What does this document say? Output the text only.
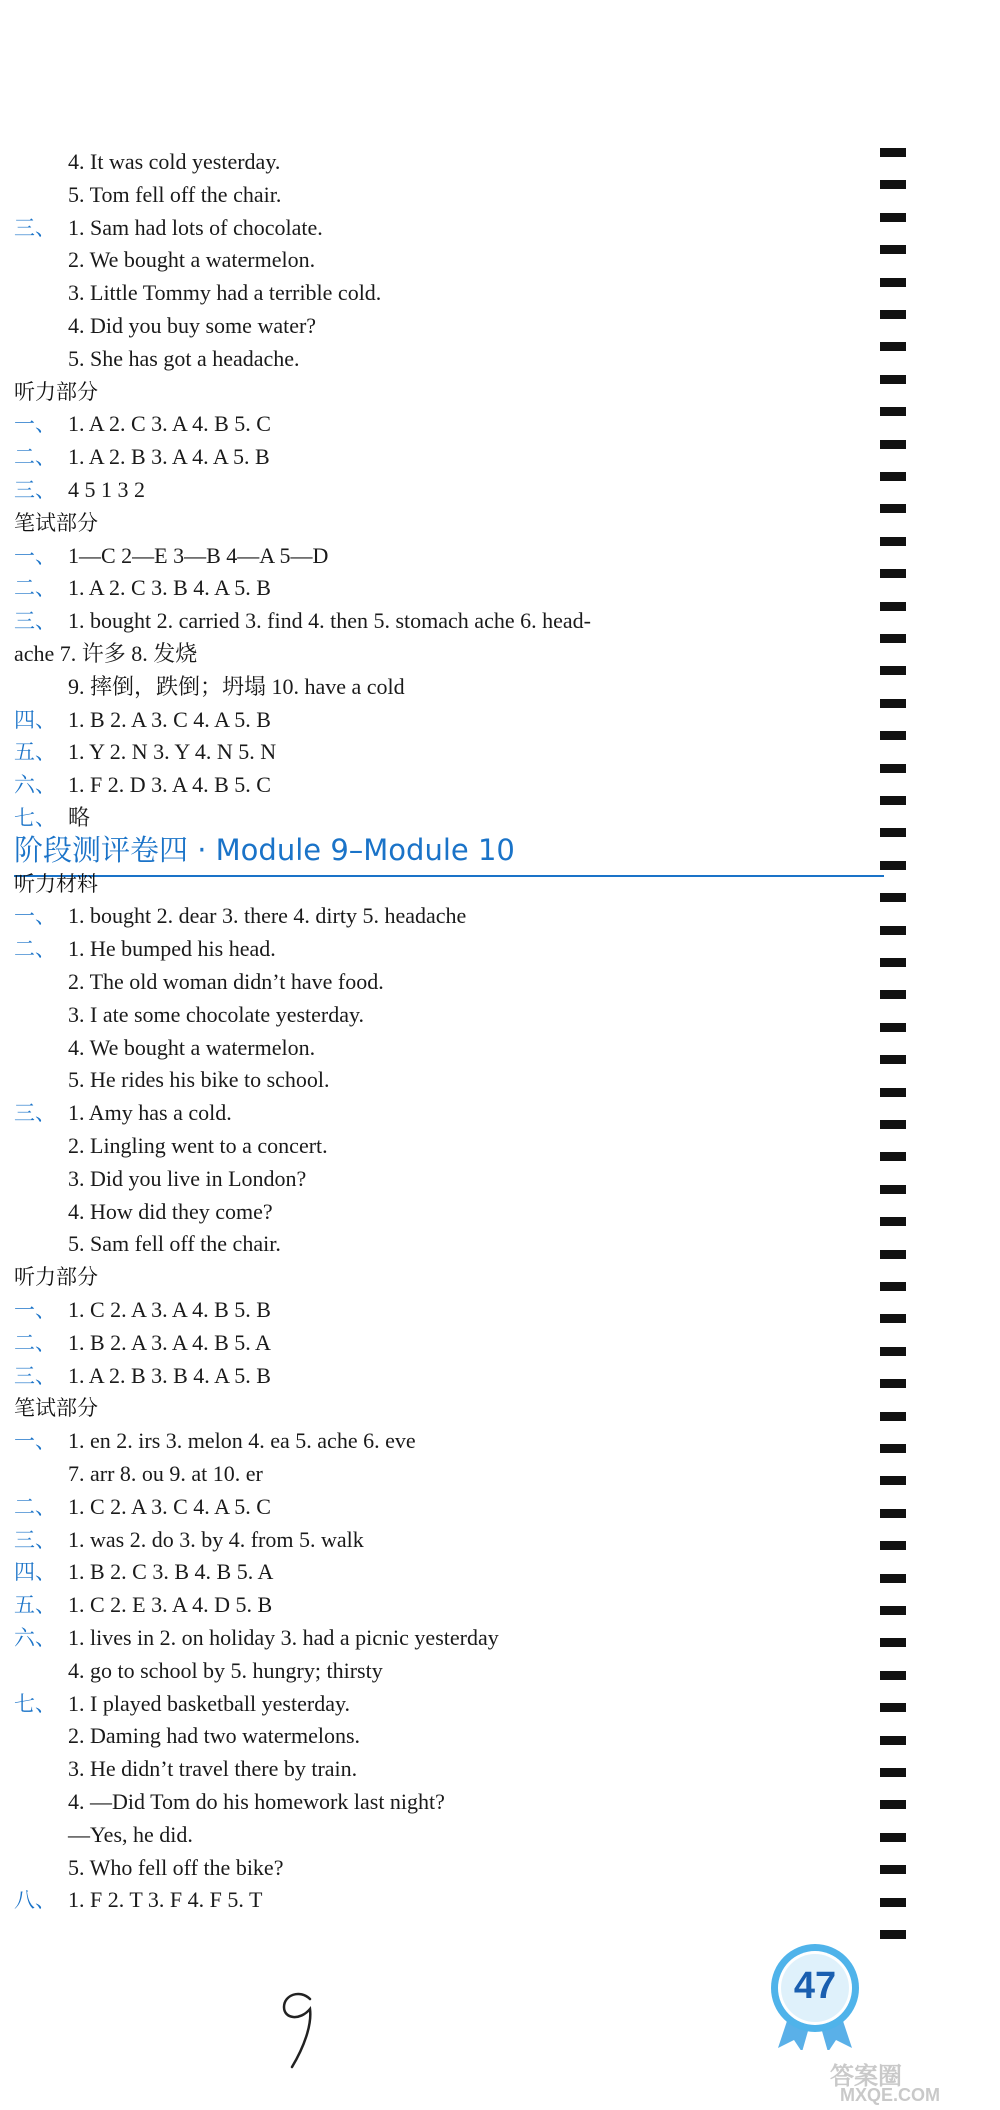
4. It was cold yesterday.
5. Tom fell off the chair.
三、 1. Sam had lots of chocolate.
2. We bought a watermelon.
3. Little Tommy had a terrible cold.
4. Did you buy some water?
5. She has got a headache.
听力部分
一、 1. A 2. C 3. A 4. B 5. C
二、 1. A 2. B 3. A 4. A 5. B
三、 4 5 1 3 2
笔试部分
一、 1—C 2—E 3—B 4—A 5—D
二、 1. A 2. C 3. B 4. A 5. B
三、 1. bought 2. carried 3. find 4. then 5. stomach ache 6. head-
ache 7. 许多 8. 发烧
9. 摔倒，跌倒；坍塌 10. have a cold
四、 1. B 2. A 3. C 4. A 5. B
五、 1. Y 2. N 3. Y 4. N 5. N
六、 1. F 2. D 3. A 4. B 5. C
七、 略
阶段测评卷四 · Module 9–Module 10
听力材料
一、 1. bought 2. dear 3. there 4. dirty 5. headache
二、 1. He bumped his head.
2. The old woman didn’t have food.
3. I ate some chocolate yesterday.
4. We bought a watermelon.
5. He rides his bike to school.
三、 1. Amy has a cold.
2. Lingling went to a concert.
3. Did you live in London?
4. How did they come?
5. Sam fell off the chair.
听力部分
一、 1. C 2. A 3. A 4. B 5. B
二、 1. B 2. A 3. A 4. B 5. A
三、 1. A 2. B 3. B 4. A 5. B
笔试部分
一、 1. en 2. irs 3. melon 4. ea 5. ache 6. eve
7. arr 8. ou 9. at 10. er
二、 1. C 2. A 3. C 4. A 5. C
三、 1. was 2. do 3. by 4. from 5. walk
四、 1. B 2. C 3. B 4. B 5. A
五、 1. C 2. E 3. A 4. D 5. B
六、 1. lives in 2. on holiday 3. had a picnic yesterday
4. go to school by 5. hungry; thirsty
七、 1. I played basketball yesterday.
2. Daming had two watermelons.
3. He didn’t travel there by train.
4. —Did Tom do his homework last night?
—Yes, he did.
5. Who fell off the bike?
八、 1. F 2. T 3. F 4. F 5. T
47
答案圈
MXQE.COM
